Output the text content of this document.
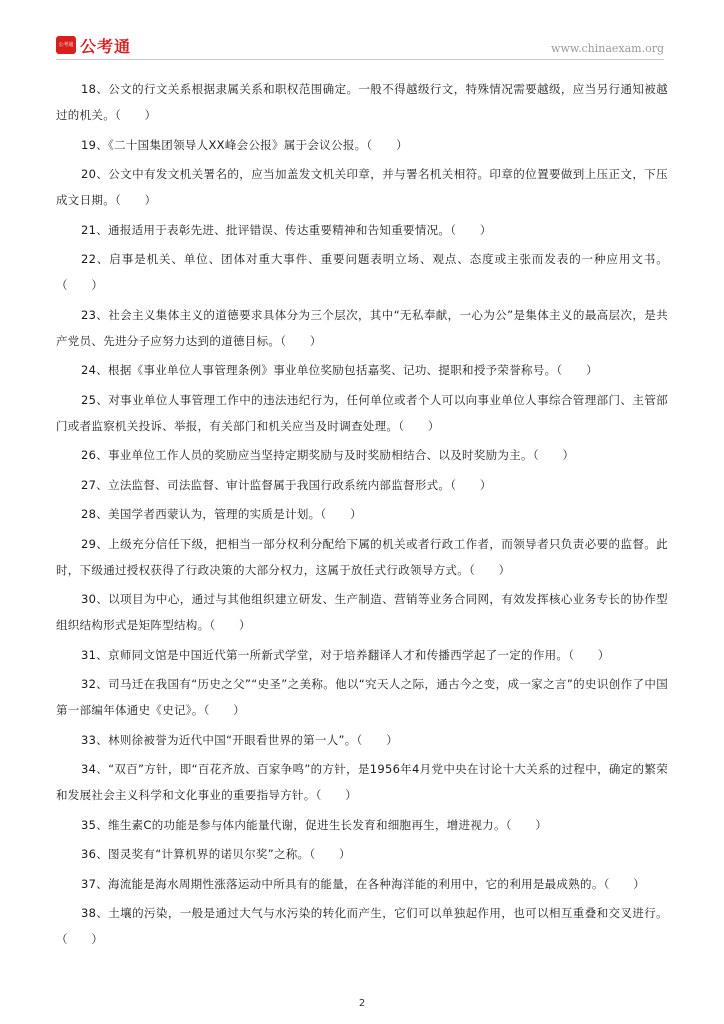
公考通 公考通	www.chinaexam.org

18、公文的行文关系根据隶属关系和职权范围确定。一般不得越级行文，特殊情况需要越级，应当另行通知被越过的机关。（　　）

19、《二十国集团领导人XX峰会公报》属于会议公报。（　　）

20、公文中有发文机关署名的，应当加盖发文机关印章，并与署名机关相符。印章的位置要做到上压正文，下压成文日期。（　　）

21、通报适用于表彰先进、批评错误、传达重要精神和告知重要情况。（　　）

22、启事是机关、单位、团体对重大事件、重要问题表明立场、观点、态度或主张而发表的一种应用文书。（　　）

23、社会主义集体主义的道德要求具体分为三个层次，其中“无私奉献，一心为公”是集体主义的最高层次，是共产党员、先进分子应努力达到的道德目标。（　　）

24、根据《事业单位人事管理条例》事业单位奖励包括嘉奖、记功、提职和授予荣誉称号。（　　）

25、对事业单位人事管理工作中的违法违纪行为，任何单位或者个人可以向事业单位人事综合管理部门、主管部门或者监察机关投诉、举报，有关部门和机关应当及时调查处理。（　　）

26、事业单位工作人员的奖励应当坚持定期奖励与及时奖励相结合、以及时奖励为主。（　　）

27、立法监督、司法监督、审计监督属于我国行政系统内部监督形式。（　　）

28、美国学者西蒙认为，管理的实质是计划。（　　）

29、上级充分信任下级，把相当一部分权利分配给下属的机关或者行政工作者，而领导者只负责必要的监督。此时，下级通过授权获得了行政决策的大部分权力，这属于放任式行政领导方式。（　　）

30、以项目为中心，通过与其他组织建立研发、生产制造、营销等业务合同网，有效发挥核心业务专长的协作型组织结构形式是矩阵型结构。（　　）

31、京师同文馆是中国近代第一所新式学堂，对于培养翻译人才和传播西学起了一定的作用。（　　）

32、司马迁在我国有“历史之父”“史圣”之美称。他以“究天人之际，通古今之变，成一家之言”的史识创作了中国第一部编年体通史《史记》。（　　）

33、林则徐被誉为近代中国“开眼看世界的第一人”。（　　）

34、“双百”方针，即“百花齐放、百家争鸣”的方针，是1956年4月党中央在讨论十大关系的过程中，确定的繁荣和发展社会主义科学和文化事业的重要指导方针。（　　）

35、维生素C的功能是参与体内能量代谢，促进生长发育和细胞再生，增进视力。（　　）

36、图灵奖有“计算机界的诺贝尔奖”之称。（　　）

37、海流能是海水周期性涨落运动中所具有的能量，在各种海洋能的利用中，它的利用是最成熟的。（　　）

38、土壤的污染，一般是通过大气与水污染的转化而产生，它们可以单独起作用，也可以相互重叠和交叉进行。（　　）

2
